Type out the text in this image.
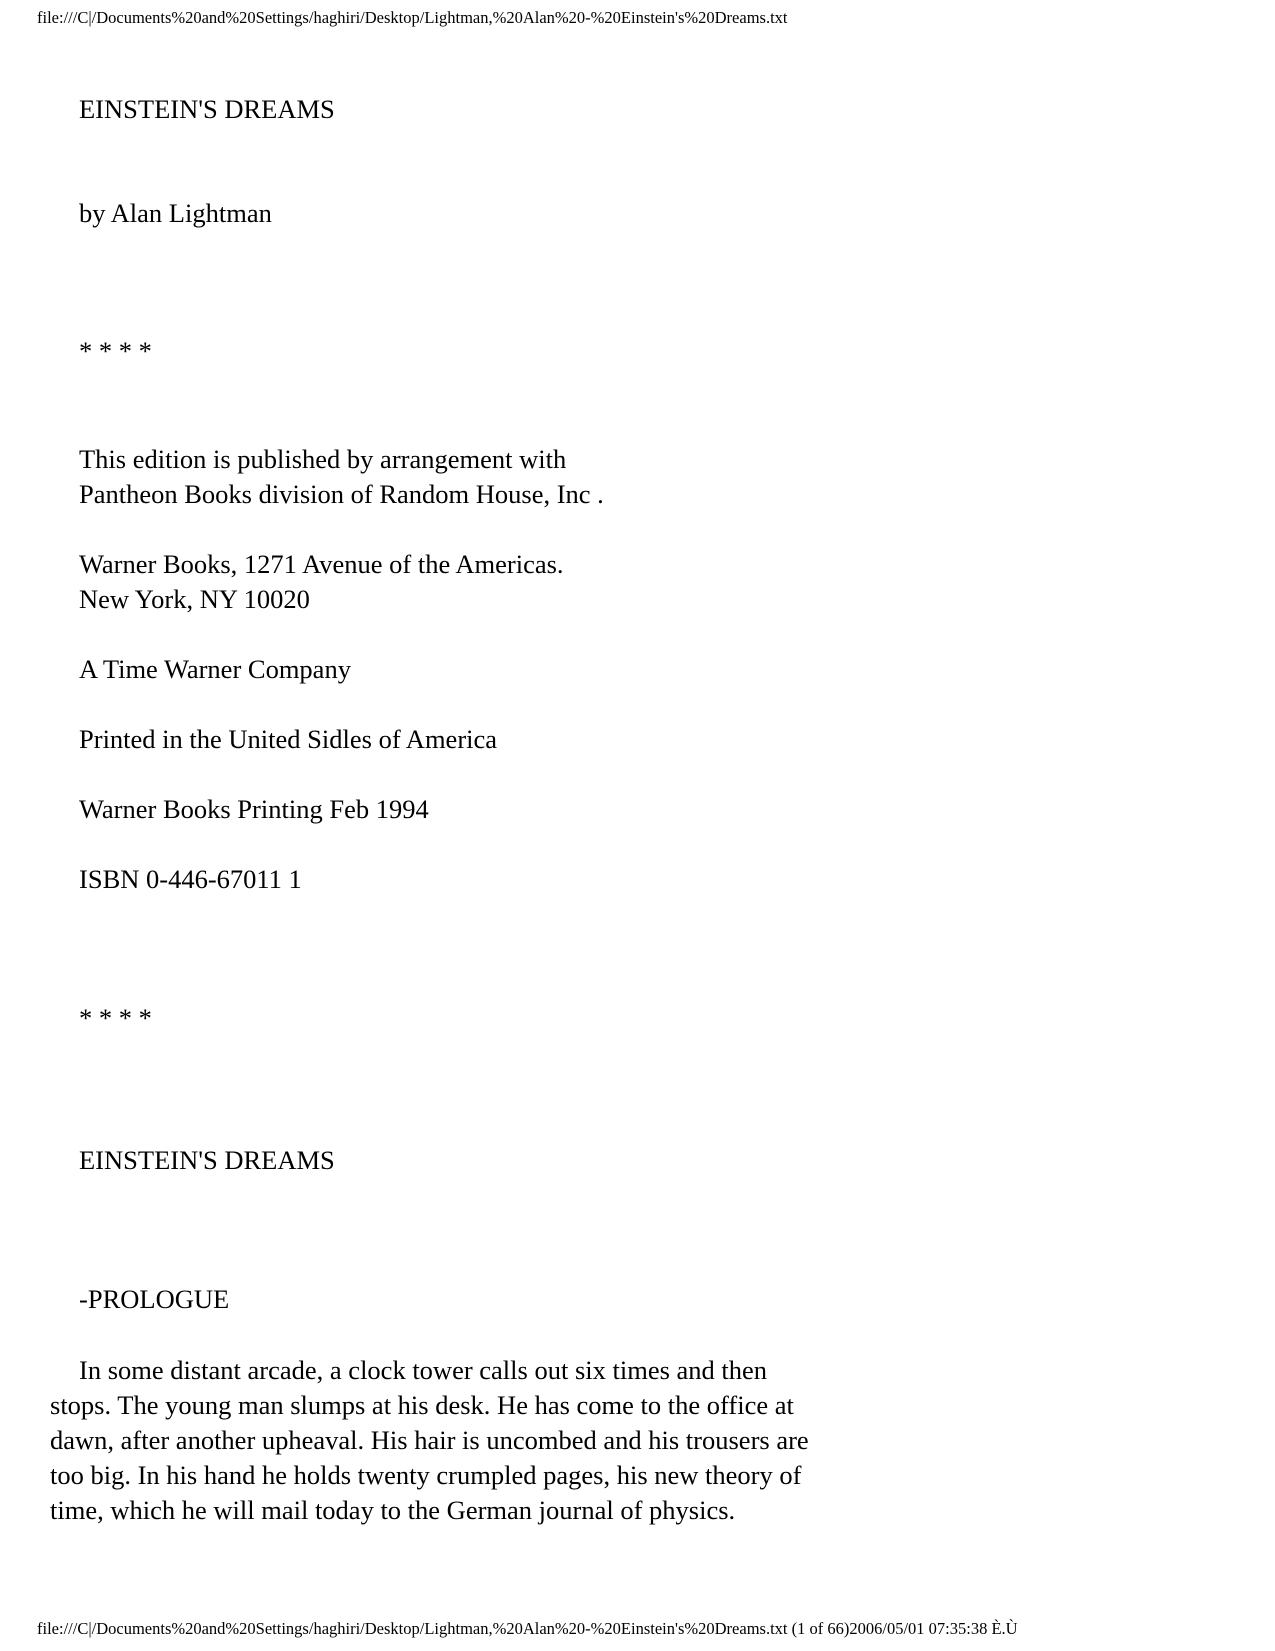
file:///C|/Documents%20and%20Settings/haghiri/Desktop/Lightman,%20Alan%20-%20Einstein's%20Dreams.txt
EINSTEIN'S DREAMS
by Alan Lightman
* * * *
This edition is published by arrangement with
Pantheon Books division of Random House, Inc .
Warner Books, 1271 Avenue of the Americas.
New York, NY 10020
A Time Warner Company
Printed in the United Sidles of America
Warner Books Printing Feb 1994
ISBN 0-446-67011 1
* * * *
EINSTEIN'S DREAMS
-PROLOGUE
In some distant arcade, a clock tower calls out six times and then
stops. The young man slumps at his desk. He has come to the office at
dawn, after another upheaval. His hair is uncombed and his trousers are
too big. In his hand he holds twenty crumpled pages, his new theory of
time, which he will mail today to the German journal of physics.
file:///C|/Documents%20and%20Settings/haghiri/Desktop/Lightman,%20Alan%20-%20Einstein's%20Dreams.txt (1 of 66)2006/05/01 07:35:38 È.Ù
